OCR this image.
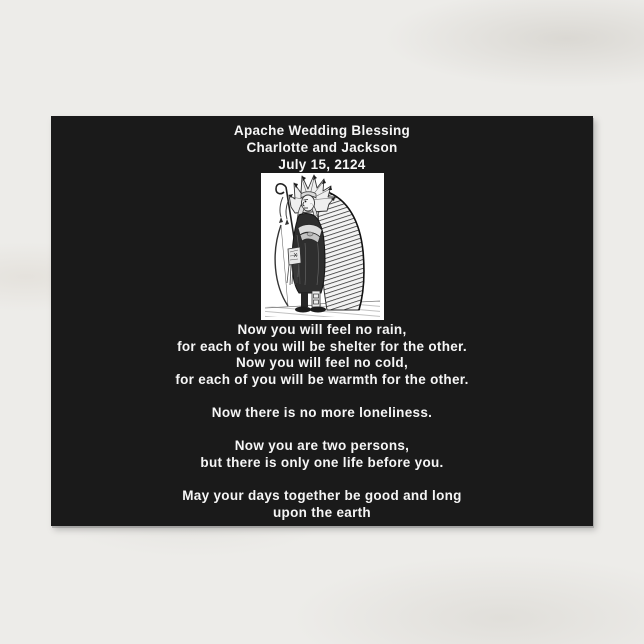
Apache Wedding Blessing
Charlotte and Jackson
July 15, 2124
Now you will feel no rain,
for each of you will be shelter for the other.
Now you will feel no cold,
for each of you will be warmth for the other.
Now there is no more loneliness.
Now you are two persons,
but there is only one life before you.
May your days together be good and long
upon the earth
